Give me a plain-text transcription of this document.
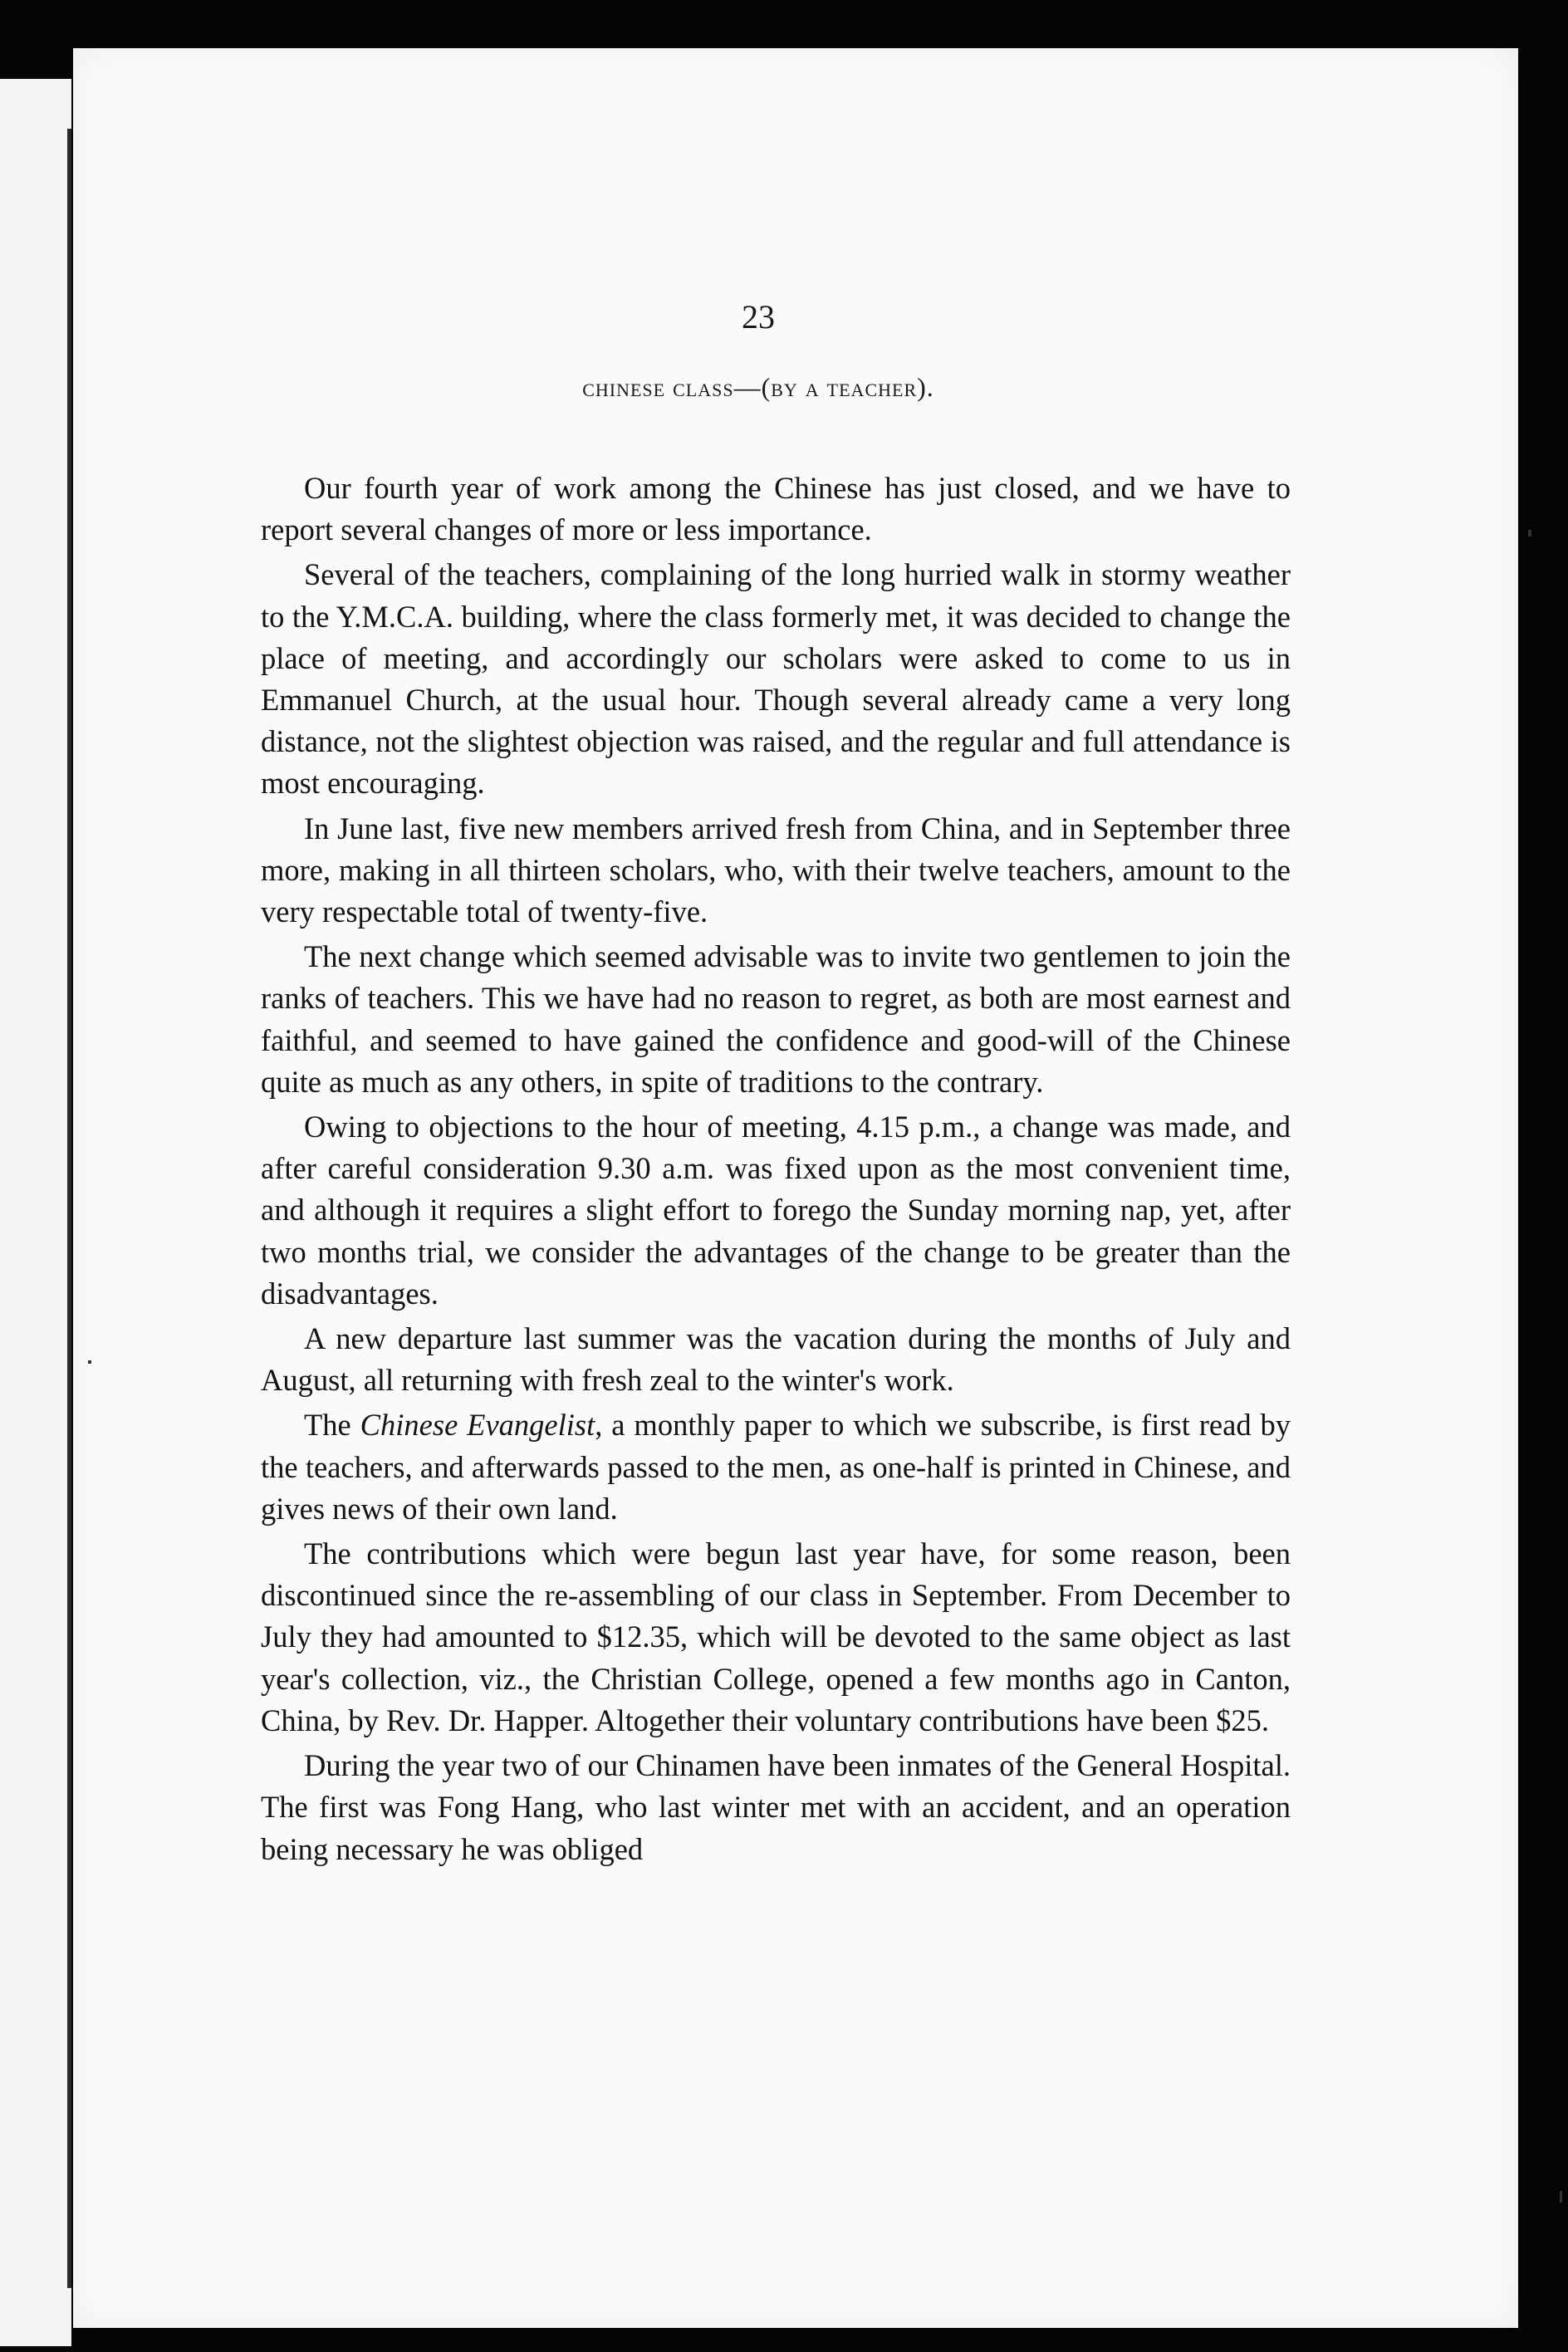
23
chinese class—(by a teacher).

Our fourth year of work among the Chinese has just closed, and we have to report several changes of more or less importance.

Several of the teachers, complaining of the long hurried walk in stormy weather to the Y.M.C.A. building, where the class formerly met, it was decided to change the place of meeting, and accordingly our scholars were asked to come to us in Emmanuel Church, at the usual hour. Though several already came a very long distance, not the slightest objection was raised, and the regular and full attendance is most encouraging.

In June last, five new members arrived fresh from China, and in September three more, making in all thirteen scholars, who, with their twelve teachers, amount to the very respectable total of twenty-five.

The next change which seemed advisable was to invite two gentlemen to join the ranks of teachers. This we have had no reason to regret, as both are most earnest and faithful, and seemed to have gained the confidence and good-will of the Chinese quite as much as any others, in spite of traditions to the contrary.

Owing to objections to the hour of meeting, 4.15 p.m., a change was made, and after careful consideration 9.30 a.m. was fixed upon as the most convenient time, and although it requires a slight effort to forego the Sunday morning nap, yet, after two months trial, we consider the advantages of the change to be greater than the disadvantages.

A new departure last summer was the vacation during the months of July and August, all returning with fresh zeal to the winter's work.

The Chinese Evangelist, a monthly paper to which we subscribe, is first read by the teachers, and afterwards passed to the men, as one-half is printed in Chinese, and gives news of their own land.

The contributions which were begun last year have, for some reason, been discontinued since the re-assembling of our class in September. From December to July they had amounted to $12.35, which will be devoted to the same object as last year's collection, viz., the Christian College, opened a few months ago in Canton, China, by Rev. Dr. Happer. Altogether their voluntary contributions have been $25.

During the year two of our Chinamen have been inmates of the General Hospital. The first was Fong Hang, who last winter met with an accident, and an operation being necessary he was obliged
